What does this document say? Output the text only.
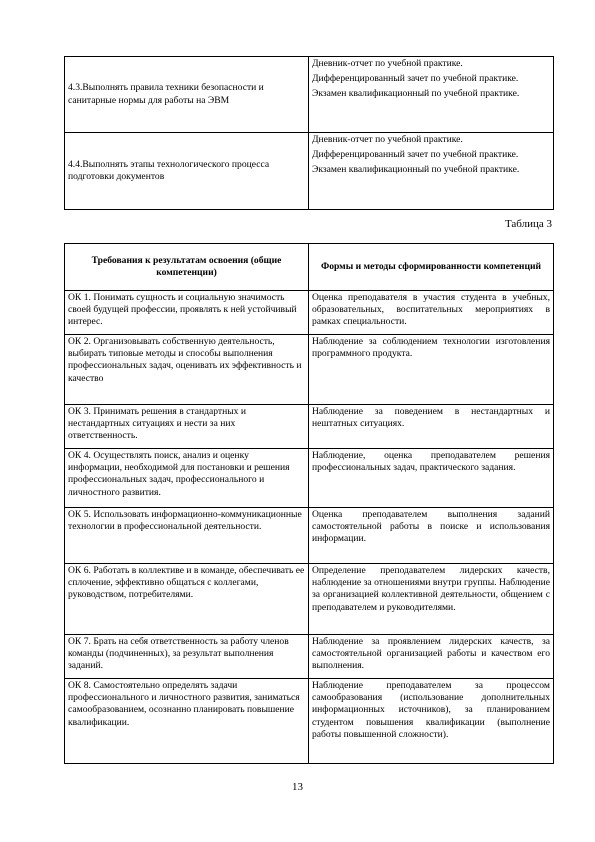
4.3.Выполнять правила техники безопасности и санитарные нормы для работы на ЭВМ	Дневник-отчет по учебной практике.

Дифференцированный зачет по учебной практике.

Экзамен квалификационный по учебной практике.

4.4.Выполнять этапы технологического процесса подготовки документов	Дневник-отчет по учебной практике.

Дифференцированный зачет по учебной практике.

Экзамен квалификационный по учебной практике.

Таблица 3
Требования к результатам освоения (общие компетенции)	Формы и методы сформированности компетенций
ОК 1. Понимать сущность и социальную значимость своей будущей профессии, проявлять к ней устойчивый интерес.	Оценка преподавателя в участия студента в учебных, образовательных, воспитательных мероприятиях в рамках специальности.
ОК 2. Организовывать собственную деятельность, выбирать типовые методы и способы выполнения профессиональных задач, оценивать их эффективность и качество	Наблюдение за соблюдением технологии изготовления программного продукта.
ОК 3. Принимать решения в стандартных и нестандартных ситуациях и нести за них ответственность.	Наблюдение за поведением в нестандартных и нештатных ситуациях.
ОК 4. Осуществлять поиск, анализ и оценку информации, необходимой для постановки и решения профессиональных задач, профессионального и личностного развития.	Наблюдение, оценка преподавателем решения профессиональных задач, практического задания.
ОК 5. Использовать информационно-коммуникационные технологии в профессиональной деятельности.	Оценка преподавателем выполнения заданий самостоятельной работы в поиске и использования информации.
ОК 6. Работать в коллективе и в команде, обеспечивать ее сплочение, эффективно общаться с коллегами, руководством, потребителями.	Определение преподавателем лидерских качеств, наблюдение за отношениями внутри группы. Наблюдение за организацией коллективной деятельности, общением с преподавателем и руководителями.
ОК 7. Брать на себя ответственность за работу членов команды (подчиненных), за результат выполнения заданий.	Наблюдение за проявлением лидерских качеств, за самостоятельной организацией работы и качеством его выполнения.
ОК 8. Самостоятельно определять задачи профессионального и личностного развития, заниматься самообразованием, осознанно планировать повышение квалификации.	Наблюдение преподавателем за процессом самообразования (использование дополнительных информационных источников), за планированием студентом повышения квалификации (выполнение работы повышенной сложности).
13
